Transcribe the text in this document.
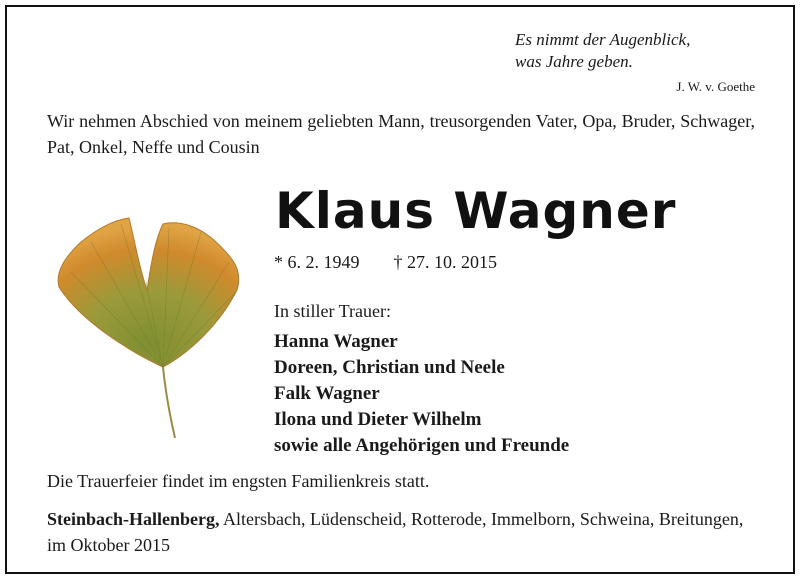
Es nimmt der Augenblick,
was Jahre geben.
J. W. v. Goethe
Wir nehmen Abschied von meinem geliebten Mann, treusorgenden Vater, Opa, Bruder, Schwager, Pat, Onkel, Neffe und Cousin
Klaus Wagner
* 6. 2. 1949 † 27. 10. 2015
In stiller Trauer:
Hanna Wagner
Doreen, Christian und Neele
Falk Wagner
Ilona und Dieter Wilhelm
sowie alle Angehörigen und Freunde
Die Trauerfeier findet im engsten Familienkreis statt.
Steinbach-Hallenberg, Altersbach, Lüdenscheid, Rotterode, Immelborn, Schweina, Breitungen, im Oktober 2015
